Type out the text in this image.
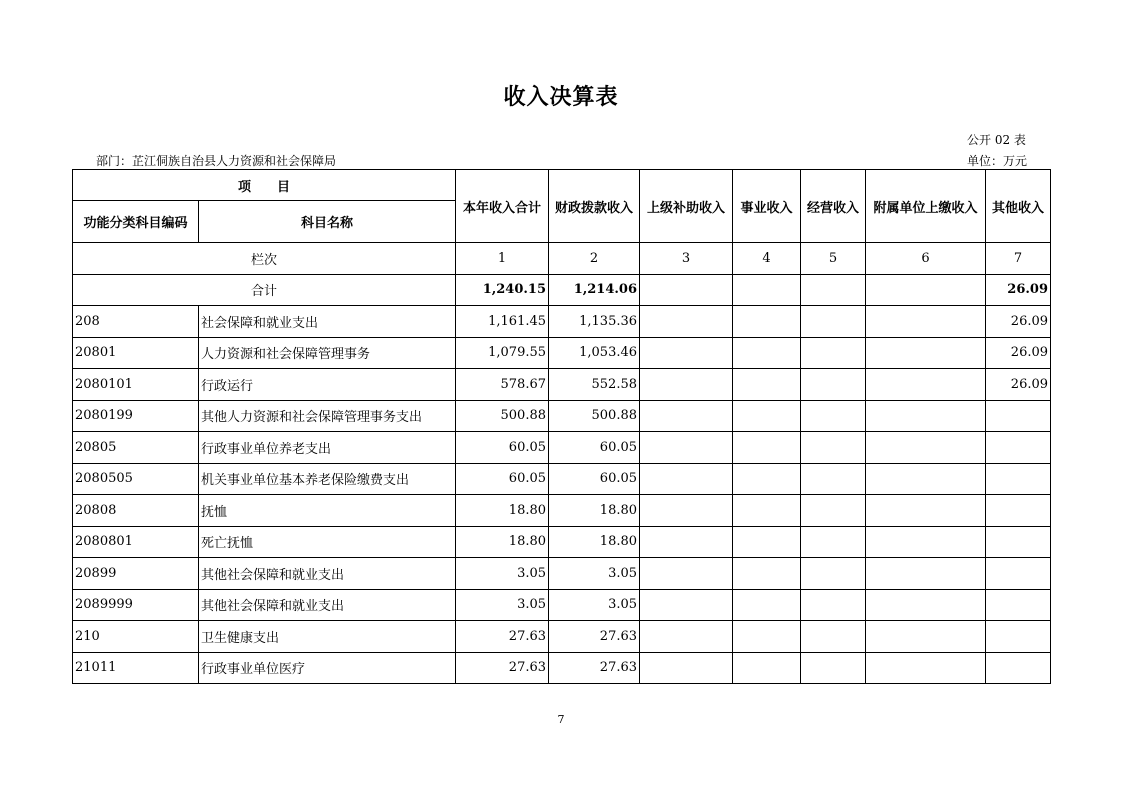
收入决算表
公开 02 表
部门：芷江侗族自治县人力资源和社会保障局	单位：万元
项　　目		本年收入合计	财政拨款收入	上级补助收入	事业收入	经营收入	附属单位上缴收入	其他收入
功能分类科目编码	科目名称							
栏次		1	2	3	4	5	6	7
合计		1,240.15	1,214.06					26.09
208	社会保障和就业支出	1,161.45	1,135.36					26.09
20801	人力资源和社会保障管理事务	1,079.55	1,053.46					26.09
2080101	行政运行	578.67	552.58					26.09
2080199	其他人力资源和社会保障管理事务支出	500.88	500.88					
20805	行政事业单位养老支出	60.05	60.05					
2080505	机关事业单位基本养老保险缴费支出	60.05	60.05					
20808	抚恤	18.80	18.80					
2080801	死亡抚恤	18.80	18.80					
20899	其他社会保障和就业支出	3.05	3.05					
2089999	其他社会保障和就业支出	3.05	3.05					
210	卫生健康支出	27.63	27.63					
21011	行政事业单位医疗	27.63	27.63					
7
